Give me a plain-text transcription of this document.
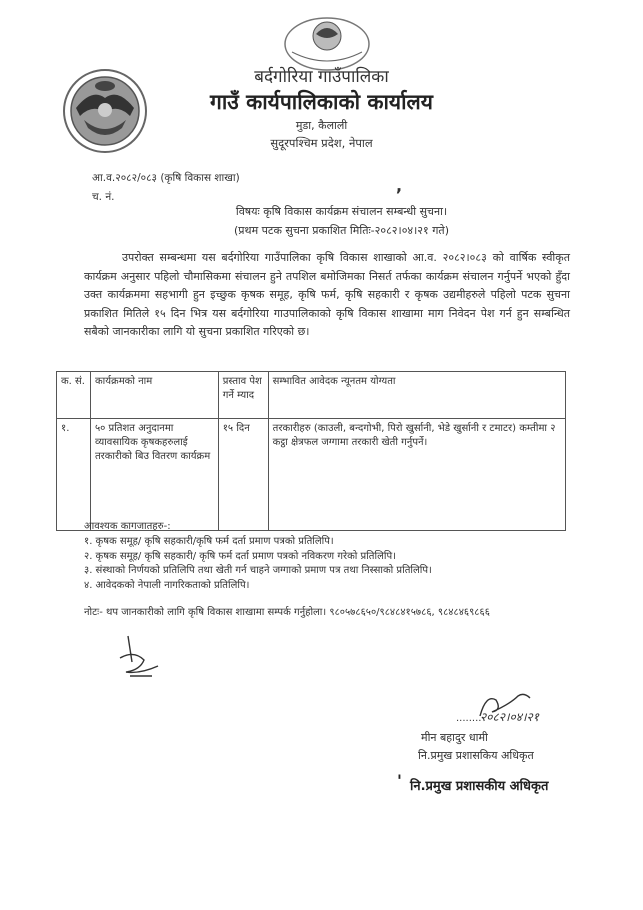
बर्दगोरिया गाउँपालिका
गाउँ कार्यपालिकाको कार्यालय
मुडा, कैलाली
सुदूरपश्चिम प्रदेश, नेपाल
आ.व.२०८२/०८३ (कृषि विकास शाखा)
च. नं.
,
विषयः कृषि विकास कार्यक्रम संचालन सम्बन्धी सुचना।
(प्रथम पटक सुचना प्रकाशित मितिः-२०८२।०४।२१ गते)
उपरोक्त सम्बन्धमा यस बर्दगोरिया गाउँपालिका कृषि विकास शाखाको आ.व. २०८२।०८३ को वार्षिक स्वीकृत कार्यक्रम अनुसार पहिलो चौमासिकमा संचालन हुने तपशिल बमोजिमका निसर्त तर्फका कार्यक्रम संचालन गर्नुपर्ने भएको हुँदा उक्त कार्यक्रममा सहभागी हुन इच्छुक कृषक समूह, कृषि फर्म, कृषि सहकारी र कृषक उद्यमीहरुले पहिलो पटक सुचना प्रकाशित मितिले १५ दिन भित्र यस बर्दगोरिया गाउपालिकाको कृषि विकास शाखामा माग निवेदन पेश गर्न हुन सम्बन्धित सबैको जानकारीका लागि यो सुचना प्रकाशित गरिएको छ।
क. सं.	कार्यक्रमको नाम	प्रस्ताव पेश गर्ने म्याद	सम्भावित आवेदक न्यूनतम योग्यता
१.	५० प्रतिशत अनुदानमा व्यावसायिक कृषकहरुलाई तरकारीको बिउ वितरण कार्यक्रम	१५ दिन	तरकारीहरु (काउली, बन्दगोभी, पिरो खुर्सानी, भेडे खुर्सानी र टमाटर) कम्तीमा २ कट्ठा क्षेत्रफल जग्गामा तरकारी खेती गर्नुपर्ने।
आवश्यक कागजातहरु-:
१. कृषक समूह/ कृषि सहकारी/कृषि फर्म दर्ता प्रमाण पत्रको प्रतिलिपि।
२. कृषक समूह/ कृषि सहकारी/ कृषि फर्म दर्ता प्रमाण पत्रको नविकरण गरेको प्रतिलिपि।
३. संस्थाको निर्णयको प्रतिलिपि तथा खेती गर्न चाहने जग्गाको प्रमाण पत्र तथा निस्साको प्रतिलिपि।
४. आवेदकको नेपाली नागरिकताको प्रतिलिपि।
नोटः- थप जानकारीको लागि कृषि विकास शाखामा सम्पर्क गर्नुहोला। ९८०५७८६५०/९८४८४१५७८६, ९८४८४६९८६६
........
२०८२।०४।२१
मीन बहादुर धामी
नि.प्रमुख प्रशासकिय अधिकृत
' नि.प्रमुख प्रशासकीय अधिकृत
